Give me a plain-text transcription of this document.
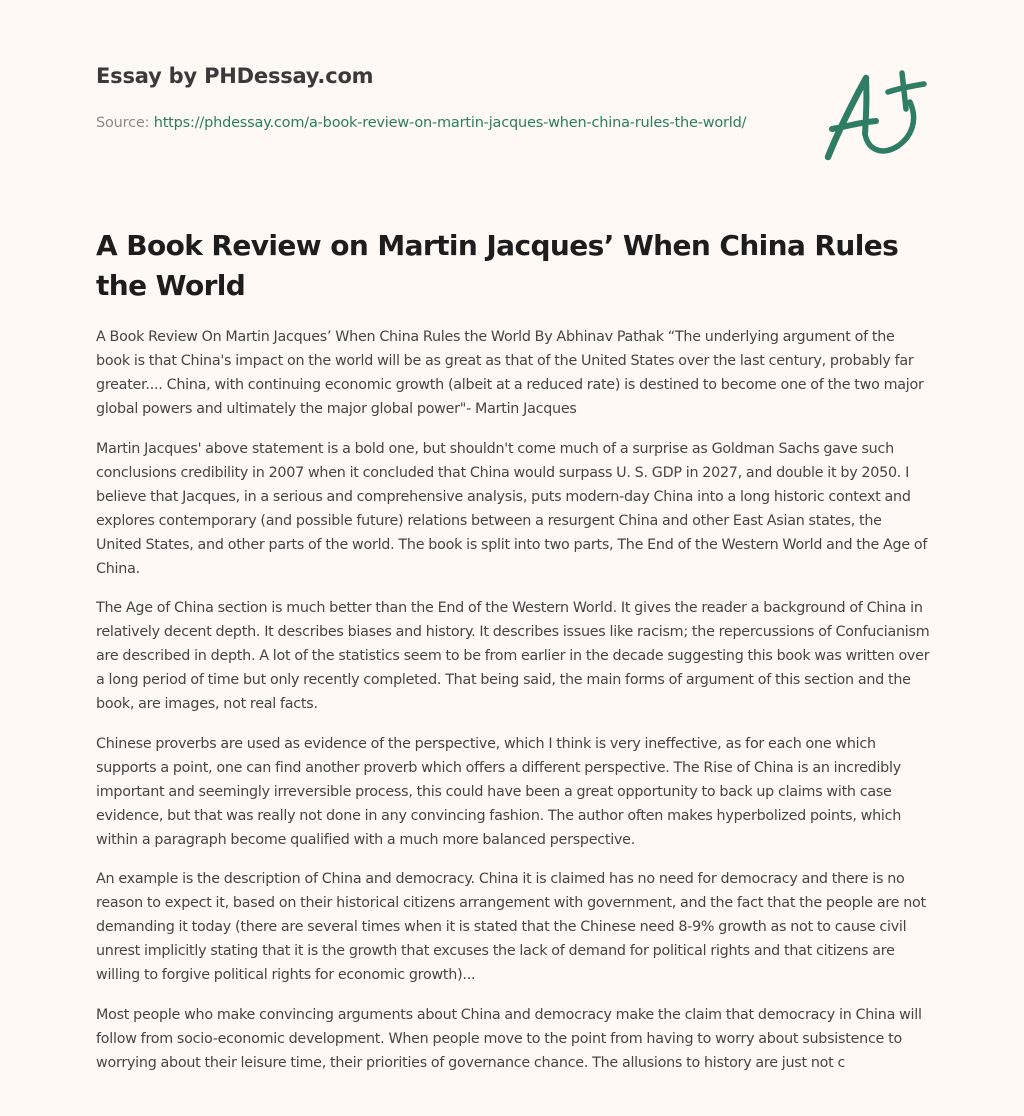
Essay by PHDessay.com
Source: https://phdessay.com/a-book-review-on-martin-jacques-when-china-rules-the-world/
A Book Review on Martin Jacques’ When China Rules the World

A Book Review On Martin Jacques’ When China Rules the World By Abhinav Pathak “The underlying argument of the book is that China's impact on the world will be as great as that of the United States over the last century, probably far greater.... China, with continuing economic growth (albeit at a reduced rate) is destined to become one of the two major global powers and ultimately the major global power"- Martin Jacques

Martin Jacques' above statement is a bold one, but shouldn't come much of a surprise as Goldman Sachs gave such conclusions credibility in 2007 when it concluded that China would surpass U. S. GDP in 2027, and double it by 2050. I believe that Jacques, in a serious and comprehensive analysis, puts modern-day China into a long historic context and explores contemporary (and possible future) relations between a resurgent China and other East Asian states, the United States, and other parts of the world. The book is split into two parts, The End of the Western World and the Age of China.

The Age of China section is much better than the End of the Western World. It gives the reader a background of China in relatively decent depth. It describes biases and history. It describes issues like racism; the repercussions of Confucianism are described in depth. A lot of the statistics seem to be from earlier in the decade suggesting this book was written over a long period of time but only recently completed. That being said, the main forms of argument of this section and the book, are images, not real facts.

Chinese proverbs are used as evidence of the perspective, which I think is very ineffective, as for each one which supports a point, one can find another proverb which offers a different perspective. The Rise of China is an incredibly important and seemingly irreversible process, this could have been a great opportunity to back up claims with case evidence, but that was really not done in any convincing fashion. The author often makes hyperbolized points, which within a paragraph become qualified with a much more balanced perspective.

An example is the description of China and democracy. China it is claimed has no need for democracy and there is no reason to expect it, based on their historical citizens arrangement with government, and the fact that the people are not demanding it today (there are several times when it is stated that the Chinese need 8-9% growth as not to cause civil unrest implicitly stating that it is the growth that excuses the lack of demand for political rights and that citizens are willing to forgive political rights for economic growth)...

Most people who make convincing arguments about China and democracy make the claim that democracy in China will follow from socio-economic development. When people move to the point from having to worry about subsistence to worrying about their leisure time, their priorities of governance chance. The allusions to history are just not c
